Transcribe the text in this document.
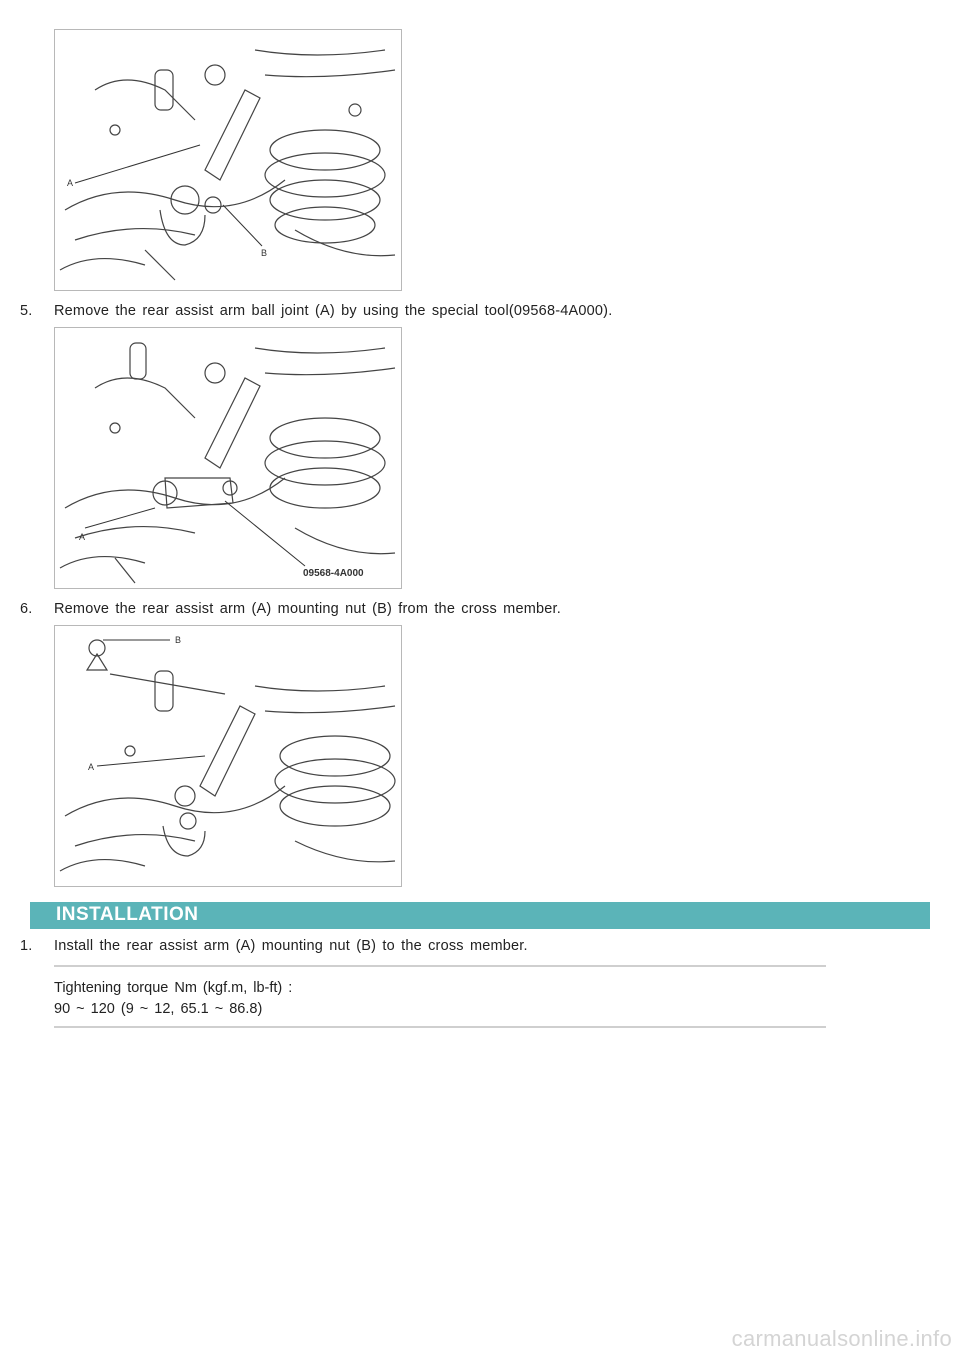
A
B
5. Remove the rear assist arm ball joint (A) by using the special tool(09568-4A000).
A
09568-4A000
6. Remove the rear assist arm (A) mounting nut (B) from the cross member.
B
A
INSTALLATION
1. Install the rear assist arm (A) mounting nut (B) to the cross member.
Tightening torque Nm (kgf.m, lb-ft) :
90 ~ 120 (9 ~ 12, 65.1 ~ 86.8)
carmanualsonline.info
